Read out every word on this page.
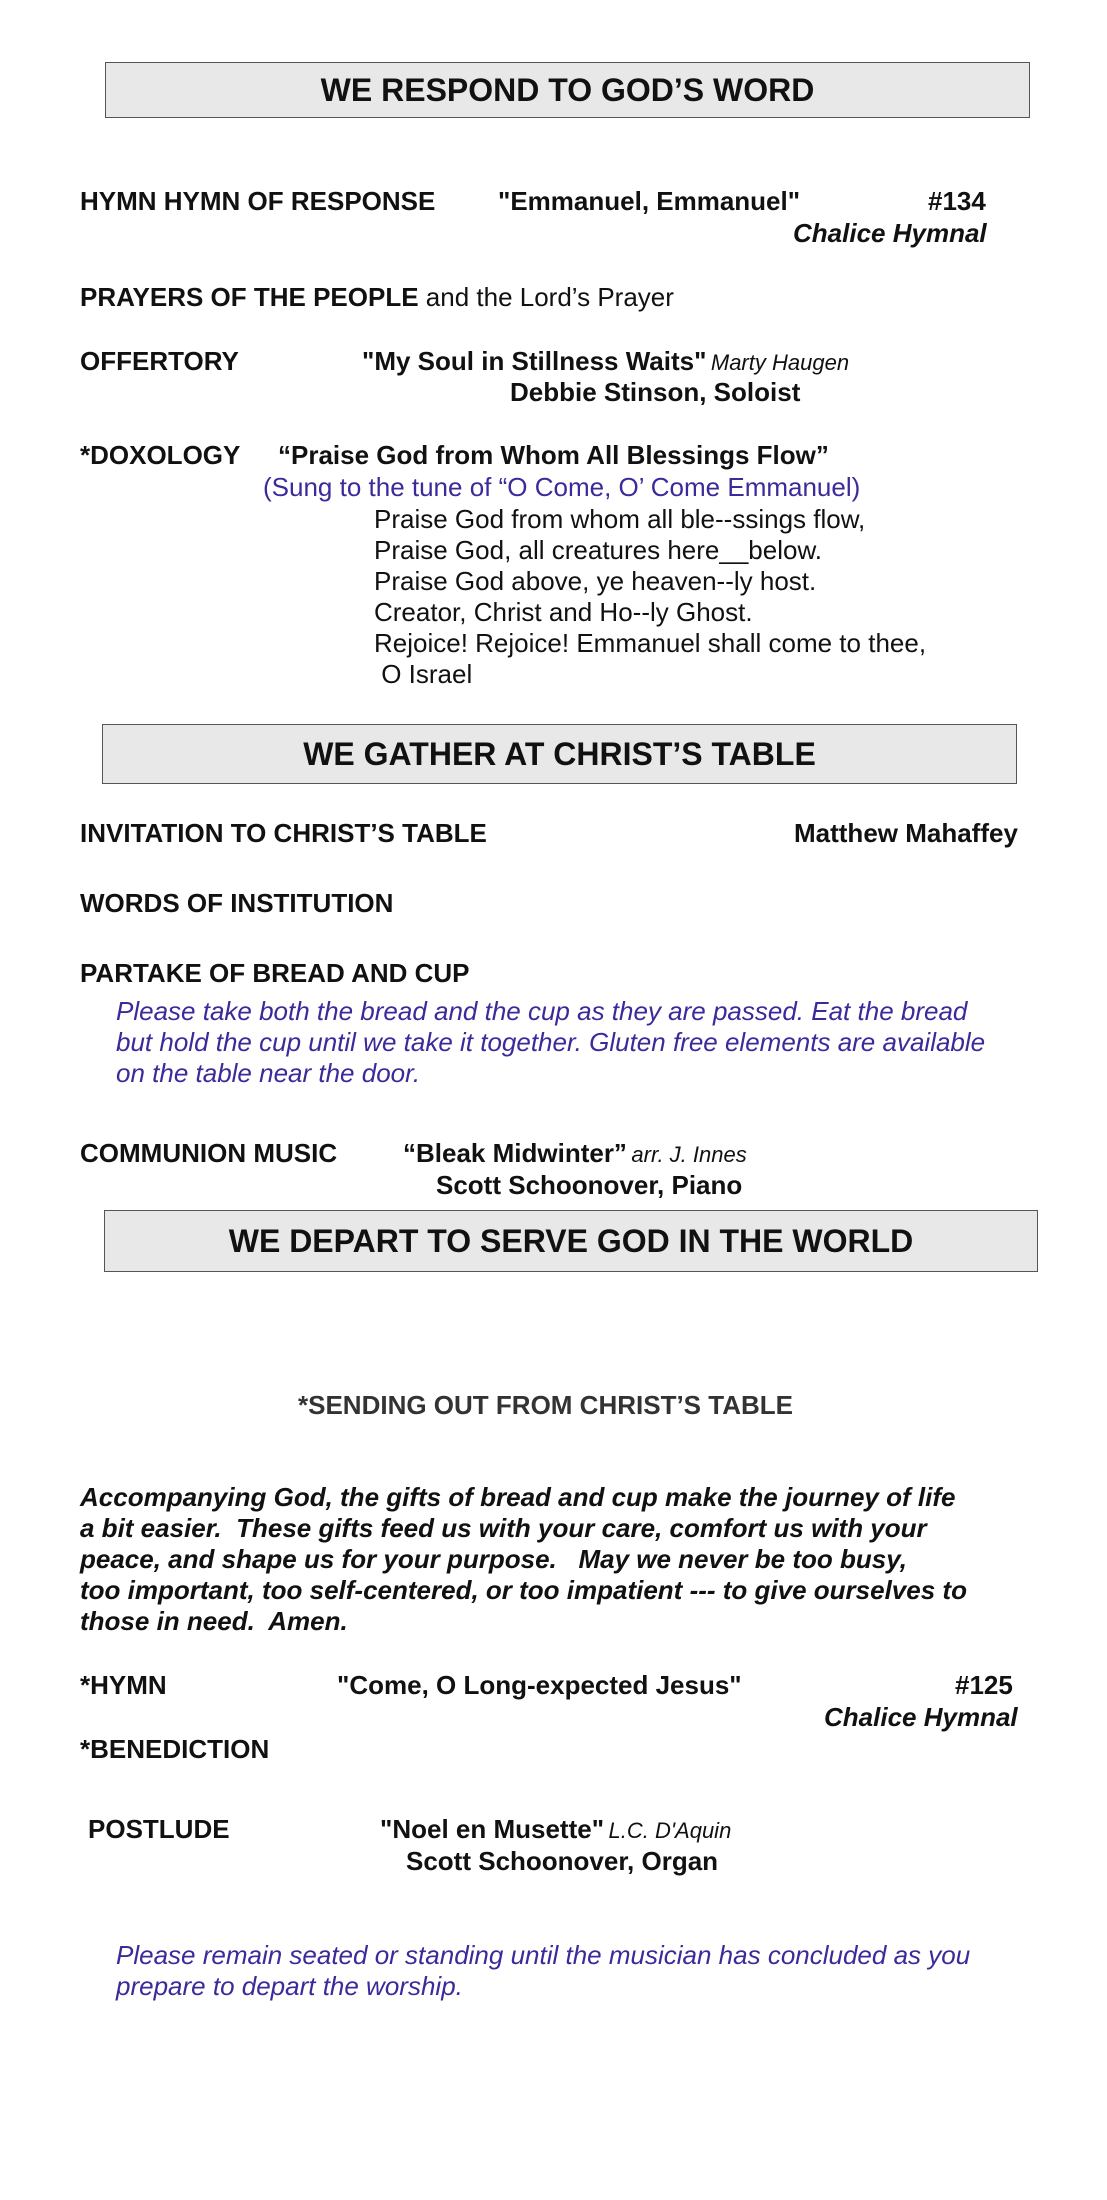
WE RESPOND TO GOD’S WORD
HYMN HYMN OF RESPONSE "Emmanuel, Emmanuel"	#134
Chalice Hymnal
PRAYERS OF THE PEOPLE and the Lord’s Prayer
OFFERTORY	"My Soul in Stillness Waits" Marty Haugen
Debbie Stinson, Soloist
*DOXOLOGY “Praise God from Whom All Blessings Flow”
(Sung to the tune of “O Come, O’ Come Emmanuel)
Praise God from whom all ble--ssings flow,
Praise God, all creatures here__below.
Praise God above, ye heaven--ly host.
Creator, Christ and Ho--ly Ghost.
Rejoice! Rejoice! Emmanuel shall come to thee,
O Israel
WE GATHER AT CHRIST’S TABLE
INVITATION TO CHRIST’S TABLE	Matthew Mahaffey
WORDS OF INSTITUTION
PARTAKE OF BREAD AND CUP
Please take both the bread and the cup as they are passed. Eat the bread
but hold the cup until we take it together. Gluten free elements are available
on the table near the door.
COMMUNION MUSIC	“Bleak Midwinter” arr. J. Innes
Scott Schoonover, Piano
WE DEPART TO SERVE GOD IN THE WORLD
*SENDING OUT FROM CHRIST’S TABLE
Accompanying God, the gifts of bread and cup make the journey of life
a bit easier.  These gifts feed us with your care, comfort us with your
peace, and shape us for your purpose.   May we never be too busy,
too important, too self-centered, or too impatient --- to give ourselves to
those in need.  Amen.
*HYMN	"Come, O Long-expected Jesus"	#125
Chalice Hymnal
*BENEDICTION
POSTLUDE	"Noel en Musette" L.C. D'Aquin
Scott Schoonover, Organ
Please remain seated or standing until the musician has concluded as you
prepare to depart the worship.
